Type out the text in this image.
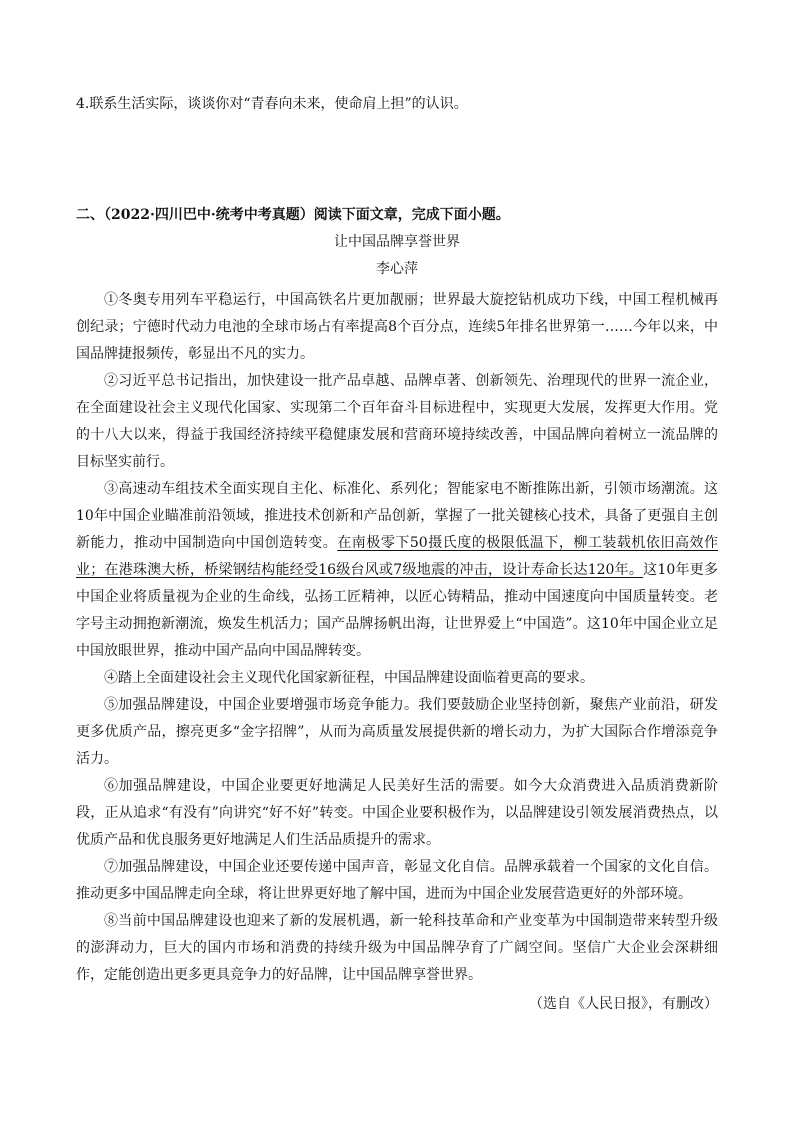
4.联系生活实际，谈谈你对“青春向未来，使命肩上担”的认识。
二、（2022·四川巴中·统考中考真题）阅读下面文章，完成下面小题。
让中国品牌享誉世界
李心萍

①冬奥专用列车平稳运行，中国高铁名片更加靓丽；世界最大旋挖钻机成功下线，中国工程机械再创纪录；宁德时代动力电池的全球市场占有率提高8个百分点，连续5年排名世界第一……今年以来，中国品牌捷报频传，彰显出不凡的实力。

②习近平总书记指出，加快建设一批产品卓越、品牌卓著、创新领先、治理现代的世界一流企业，在全面建设社会主义现代化国家、实现第二个百年奋斗目标进程中，实现更大发展，发挥更大作用。党的十八大以来，得益于我国经济持续平稳健康发展和营商环境持续改善，中国品牌向着树立一流品牌的目标坚实前行。

③高速动车组技术全面实现自主化、标准化、系列化；智能家电不断推陈出新，引领市场潮流。这10年中国企业瞄准前沿领域，推进技术创新和产品创新，掌握了一批关键核心技术，具备了更强自主创新能力，推动中国制造向中国创造转变。在南极零下50摄氏度的极限低温下，柳工装载机依旧高效作业；在港珠澳大桥，桥梁钢结构能经受16级台风或7级地震的冲击，设计寿命长达120年。这10年更多中国企业将质量视为企业的生命线，弘扬工匠精神，以匠心铸精品，推动中国速度向中国质量转变。老字号主动拥抱新潮流，焕发生机活力；国产品牌扬帆出海，让世界爱上“中国造”。这10年中国企业立足中国放眼世界，推动中国产品向中国品牌转变。

④踏上全面建设社会主义现代化国家新征程，中国品牌建设面临着更高的要求。

⑤加强品牌建设，中国企业要增强市场竞争能力。我们要鼓励企业坚持创新，聚焦产业前沿，研发更多优质产品，擦亮更多“金字招牌”，从而为高质量发展提供新的增长动力，为扩大国际合作增添竞争活力。

⑥加强品牌建设，中国企业要更好地满足人民美好生活的需要。如今大众消费进入品质消费新阶段，正从追求“有没有”向讲究“好不好”转变。中国企业要积极作为，以品牌建设引领发展消费热点，以优质产品和优良服务更好地满足人们生活品质提升的需求。

⑦加强品牌建设，中国企业还要传递中国声音，彰显文化自信。品牌承载着一个国家的文化自信。推动更多中国品牌走向全球，将让世界更好地了解中国，进而为中国企业发展营造更好的外部环境。

⑧当前中国品牌建设也迎来了新的发展机遇，新一轮科技革命和产业变革为中国制造带来转型升级的澎湃动力，巨大的国内市场和消费的持续升级为中国品牌孕育了广阔空间。坚信广大企业会深耕细作，定能创造出更多更具竞争力的好品牌，让中国品牌享誉世界。

（选自《人民日报》，有删改）
